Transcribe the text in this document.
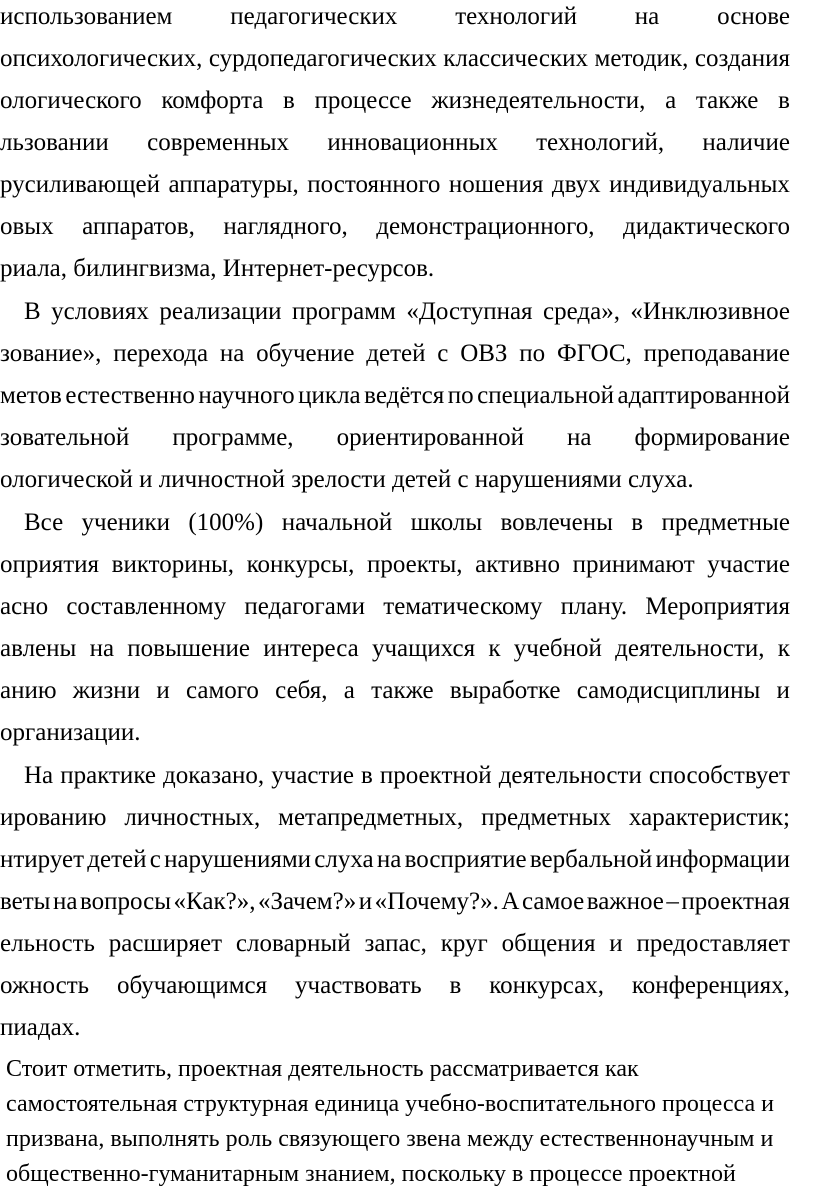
использованием педагогических технологий на основе
опсихологических, сурдопедагогических классических методик, создания
ологического комфорта в процессе жизнедеятельности, а также в
льзовании современных инновационных технологий, наличие
русиливающей аппаратуры, постоянного ношения двух индивидуальных
овых аппаратов, наглядного, демонстрационного, дидактического
риала, билингвизма, Интернет-ресурсов.
В условиях реализации программ «Доступная среда», «Инклюзивное
зование», перехода на обучение детей с ОВЗ по ФГОС, преподавание
метов естественно научного цикла ведётся по специальной адаптированной
зовательной программе, ориентированной на формирование
ологической и личностной зрелости детей с нарушениями слуха.
Все ученики (100%) начальной школы вовлечены в предметные
оприятия викторины, конкурсы, проекты, активно принимают участие
асно составленному педагогами тематическому плану. Мероприятия
авлены на повышение интереса учащихся к учебной деятельности, к
анию жизни и самого себя, а также выработке самодисциплины и
организации.
На практике доказано, участие в проектной деятельности способствует
ированию личностных, метапредметных, предметных характеристик;
нтирует детей с нарушениями слуха на восприятие вербальной информации
веты на вопросы «Как?», «Зачем?» и «Почему?». А самое важное – проектная
ельность расширяет словарный запас, круг общения и предоставляет
ожность обучающимся участвовать в конкурсах, конференциях,
пиадах.
Стоит отметить, проектная деятельность рассматривается как
самостоятельная структурная единица учебно-воспитательного процесса и
призвана, выполнять роль связующего звена между естественнонаучным и
общественно-гуманитарным знанием, поскольку в процессе проектной
